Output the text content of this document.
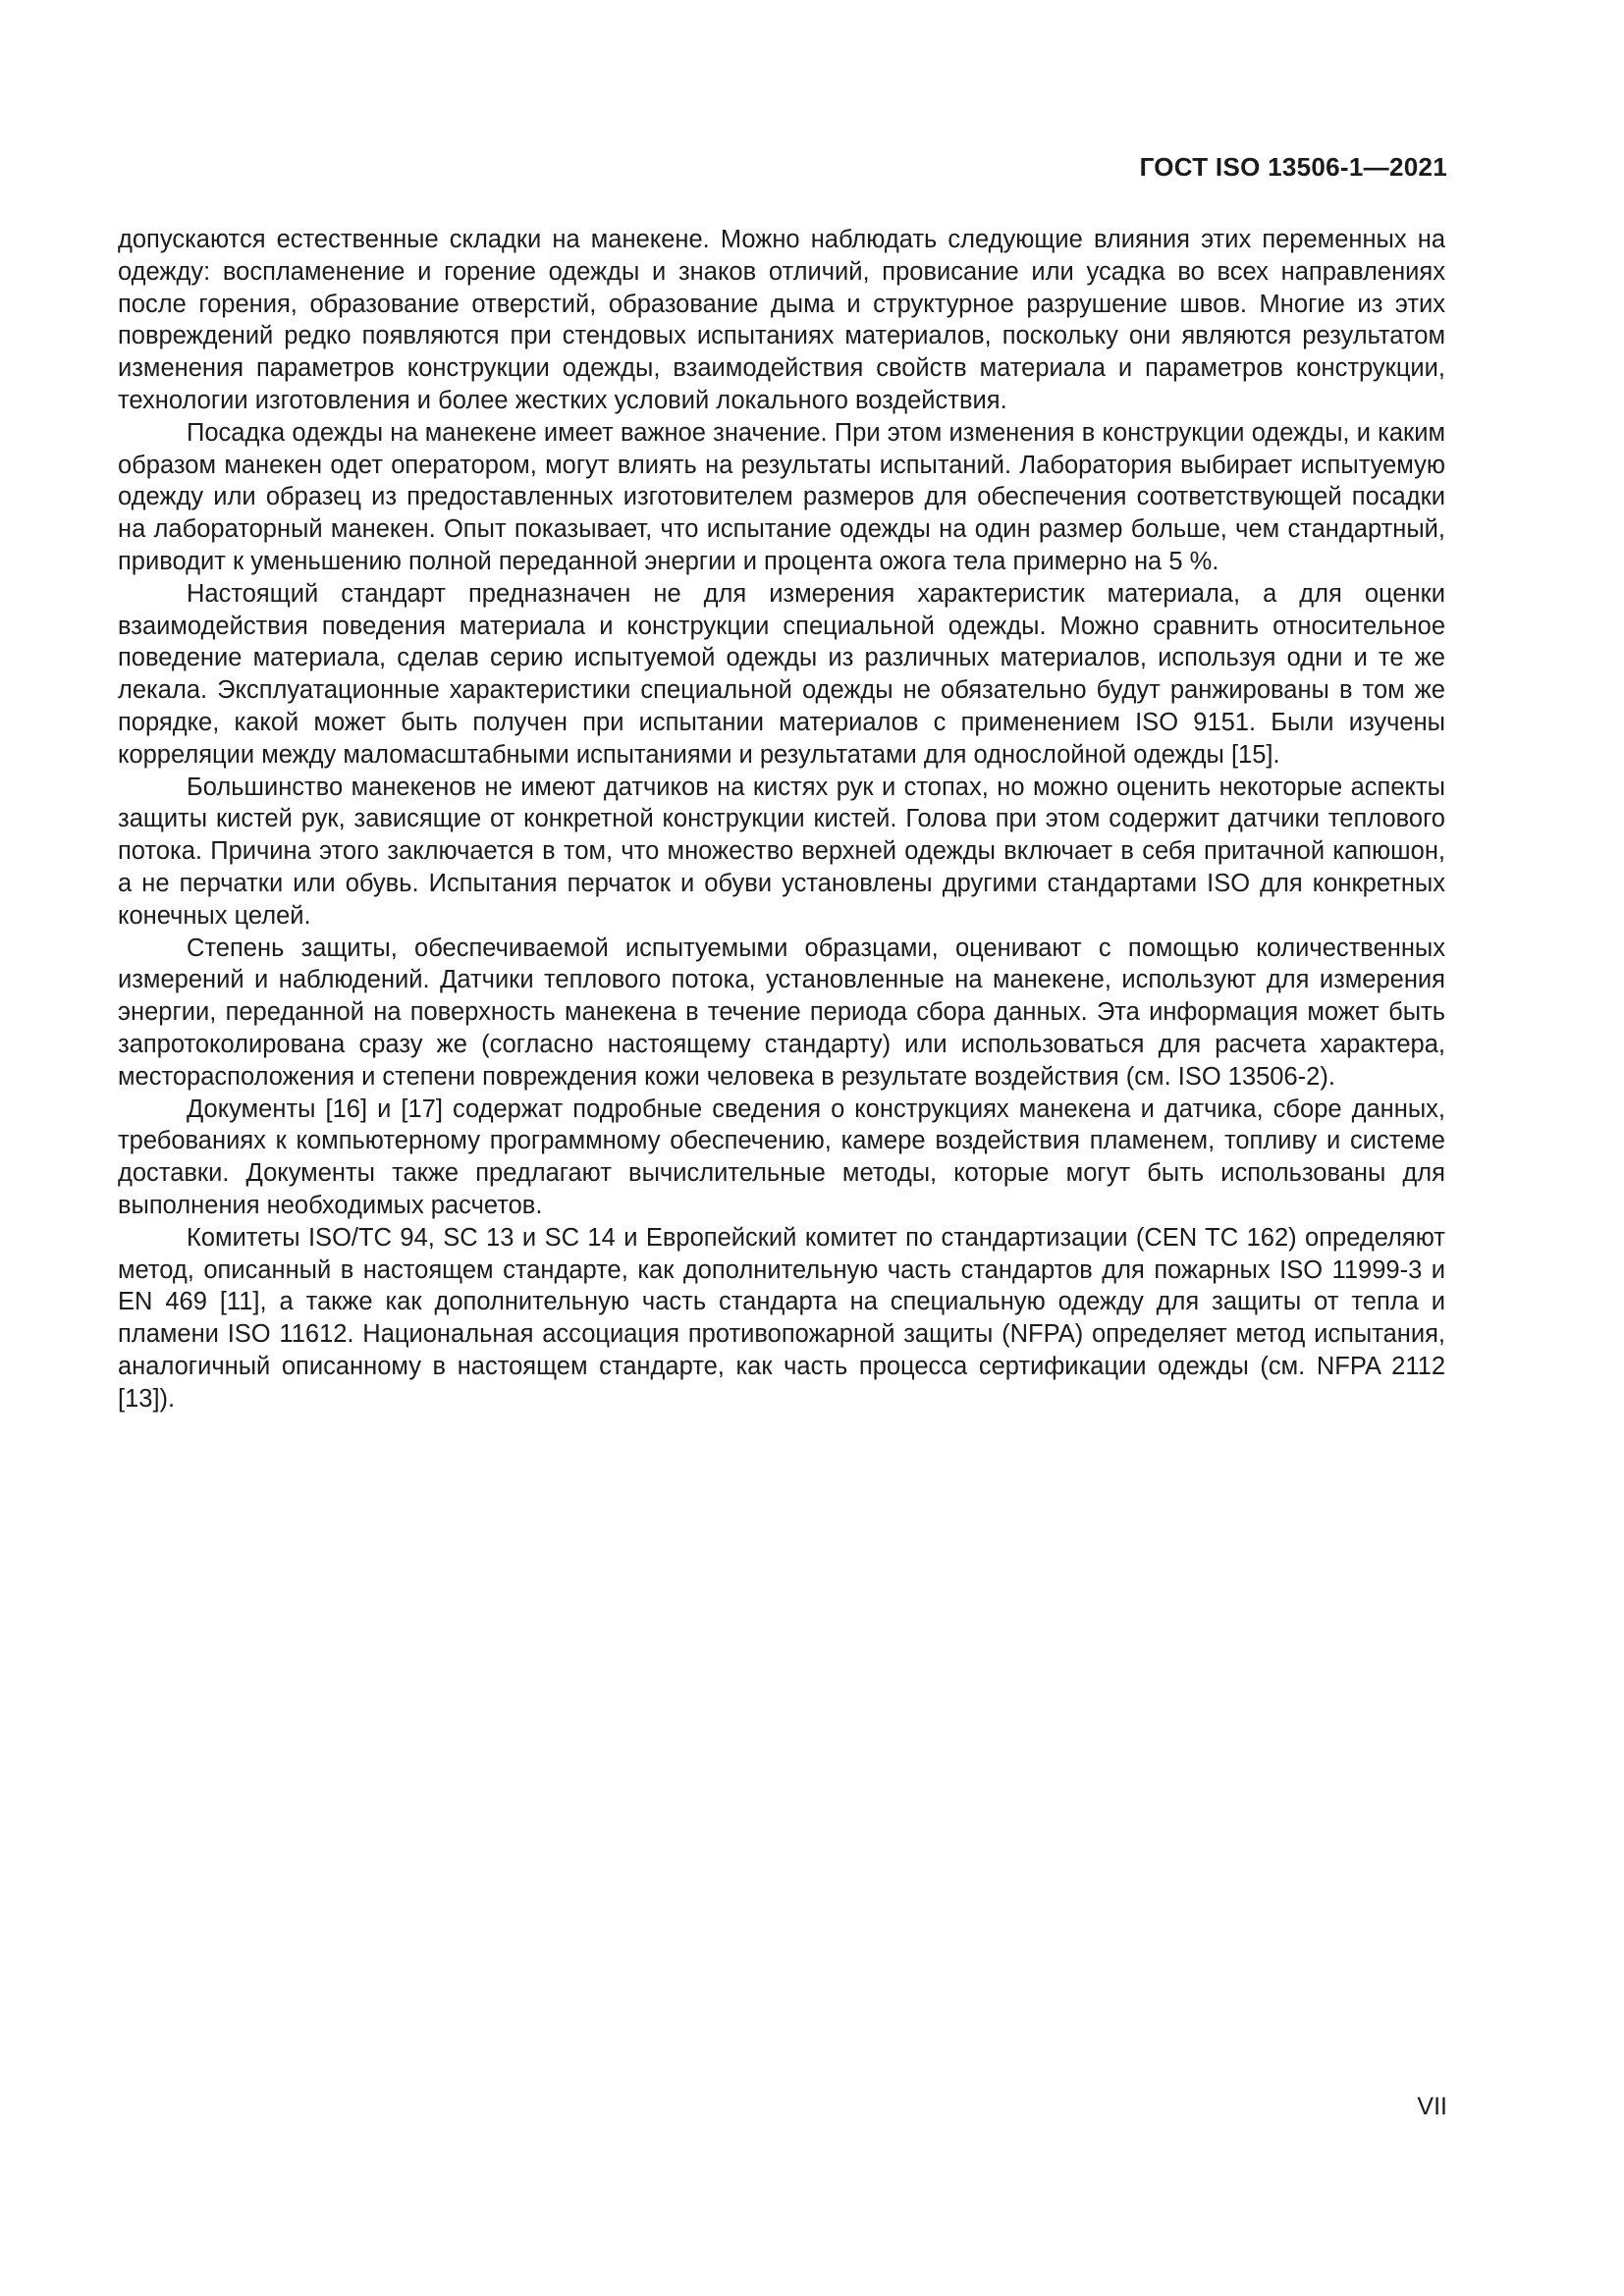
ГОСТ ISO 13506-1—2021

допускаются естественные складки на манекене. Можно наблюдать следующие влияния этих переменных на одежду: воспламенение и горение одежды и знаков отличий, провисание или усадка во всех направлениях после горения, образование отверстий, образование дыма и структурное разрушение швов. Многие из этих повреждений редко появляются при стендовых испытаниях материалов, поскольку они являются результатом изменения параметров конструкции одежды, взаимодействия свойств материала и параметров конструкции, технологии изготовления и более жестких условий локального воздействия.

Посадка одежды на манекене имеет важное значение. При этом изменения в конструкции одежды, и каким образом манекен одет оператором, могут влиять на результаты испытаний. Лаборатория выбирает испытуемую одежду или образец из предоставленных изготовителем размеров для обеспечения соответствующей посадки на лабораторный манекен. Опыт показывает, что испытание одежды на один размер больше, чем стандартный, приводит к уменьшению полной переданной энергии и процента ожога тела примерно на 5 %.

Настоящий стандарт предназначен не для измерения характеристик материала, а для оценки взаимодействия поведения материала и конструкции специальной одежды. Можно сравнить относительное поведение материала, сделав серию испытуемой одежды из различных материалов, используя одни и те же лекала. Эксплуатационные характеристики специальной одежды не обязательно будут ранжированы в том же порядке, какой может быть получен при испытании материалов с применением ISO 9151. Были изучены корреляции между маломасштабными испытаниями и результатами для однослойной одежды [15].

Большинство манекенов не имеют датчиков на кистях рук и стопах, но можно оценить некоторые аспекты защиты кистей рук, зависящие от конкретной конструкции кистей. Голова при этом содержит датчики теплового потока. Причина этого заключается в том, что множество верхней одежды включает в себя притачной капюшон, а не перчатки или обувь. Испытания перчаток и обуви установлены другими стандартами ISO для конкретных конечных целей.

Степень защиты, обеспечиваемой испытуемыми образцами, оценивают с помощью количественных измерений и наблюдений. Датчики теплового потока, установленные на манекене, используют для измерения энергии, переданной на поверхность манекена в течение периода сбора данных. Эта информация может быть запротоколирована сразу же (согласно настоящему стандарту) или использоваться для расчета характера, месторасположения и степени повреждения кожи человека в результате воздействия (см. ISO 13506-2).

Документы [16] и [17] содержат подробные сведения о конструкциях манекена и датчика, сборе данных, требованиях к компьютерному программному обеспечению, камере воздействия пламенем, топливу и системе доставки. Документы также предлагают вычислительные методы, которые могут быть использованы для выполнения необходимых расчетов.

Комитеты ISO/TC 94, SC 13 и SC 14 и Европейский комитет по стандартизации (CEN TC 162) определяют метод, описанный в настоящем стандарте, как дополнительную часть стандартов для пожарных ISO 11999-3 и EN 469 [11], а также как дополнительную часть стандарта на специальную одежду для защиты от тепла и пламени ISO 11612. Национальная ассоциация противопожарной защиты (NFPA) определяет метод испытания, аналогичный описанному в настоящем стандарте, как часть процесса сертификации одежды (см. NFPA 2112 [13]).

VII
